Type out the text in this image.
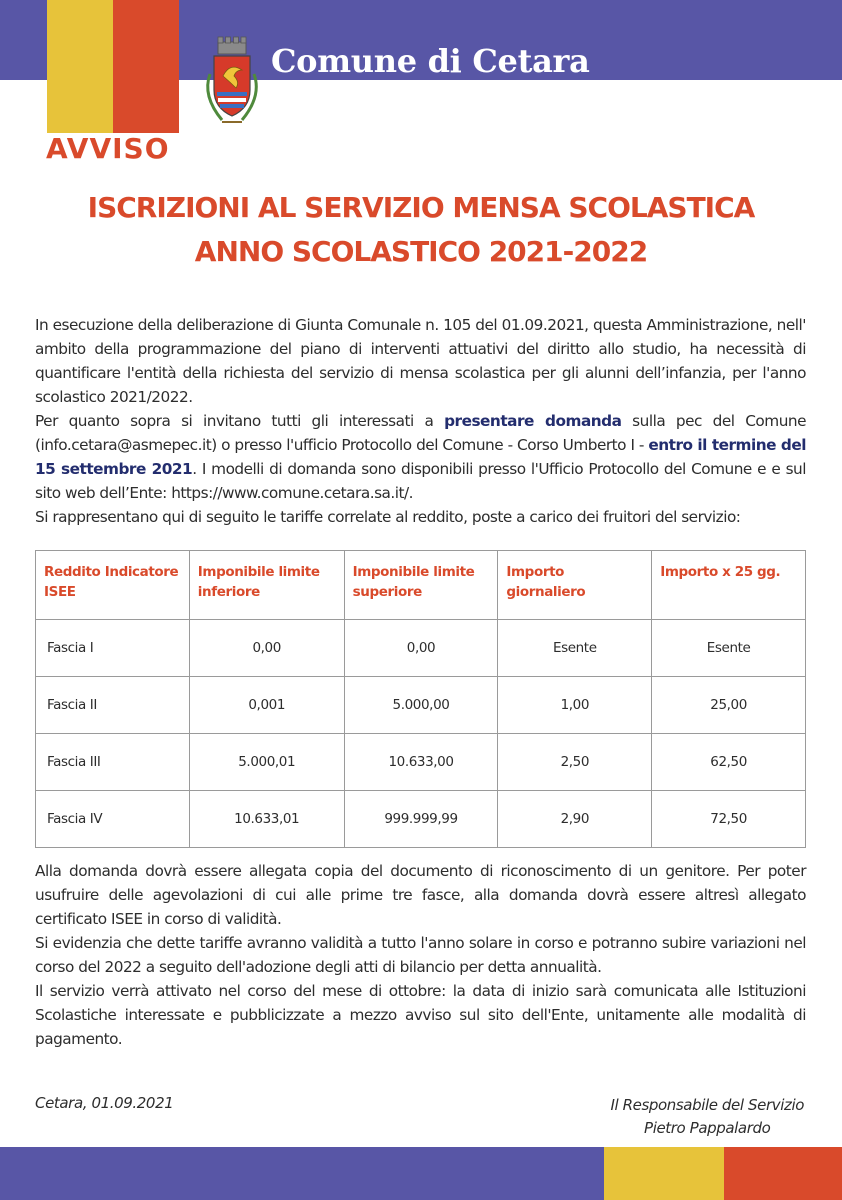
Comune di Cetara
AVVISO
ISCRIZIONI AL SERVIZIO MENSA SCOLASTICA
ANNO SCOLASTICO 2021-2022
In esecuzione della deliberazione di Giunta Comunale n. 105 del 01.09.2021, questa Amministrazione, nell' ambito della programmazione del piano di interventi attuativi del diritto allo studio, ha necessità di quantificare l'entità della richiesta del servizio di mensa scolastica per gli alunni dell’infanzia, per l'anno scolastico 2021/2022.
Per quanto sopra si invitano tutti gli interessati a presentare domanda sulla pec del Comune (info.cetara@asmepec.it) o presso l'ufficio Protocollo del Comune - Corso Umberto I - entro il termine del 15 settembre 2021. I modelli di domanda sono disponibili presso l'Ufficio Protocollo del Comune e e sul sito web dell’Ente: https://www.comune.cetara.sa.it/.
Si rappresentano qui di seguito le tariffe correlate al reddito, poste a carico dei fruitori del servizio:
Reddito Indicatore ISEE	Imponibile limite inferiore	Imponibile limite superiore	Importo giornaliero	Importo x 25 gg.
Fascia I	0,00	0,00	Esente	Esente
Fascia II	0,001	5.000,00	1,00	25,00
Fascia III	5.000,01	10.633,00	2,50	62,50
Fascia IV	10.633,01	999.999,99	2,90	72,50
Alla domanda dovrà essere allegata copia del documento di riconoscimento di un genitore. Per poter usufruire delle agevolazioni di cui alle prime tre fasce, alla domanda dovrà essere altresì allegato certificato ISEE in corso di validità.
Si evidenzia che dette tariffe avranno validità a tutto l'anno solare in corso e potranno subire variazioni nel corso del 2022 a seguito dell'adozione degli atti di bilancio per detta annualità.
Il servizio verrà attivato nel corso del mese di ottobre: la data di inizio sarà comunicata alle Istituzioni Scolastiche interessate e pubblicizzate a mezzo avviso sul sito dell'Ente, unitamente alle modalità di pagamento.
Cetara, 01.09.2021	Il Responsabile del Servizio
Pietro Pappalardo
